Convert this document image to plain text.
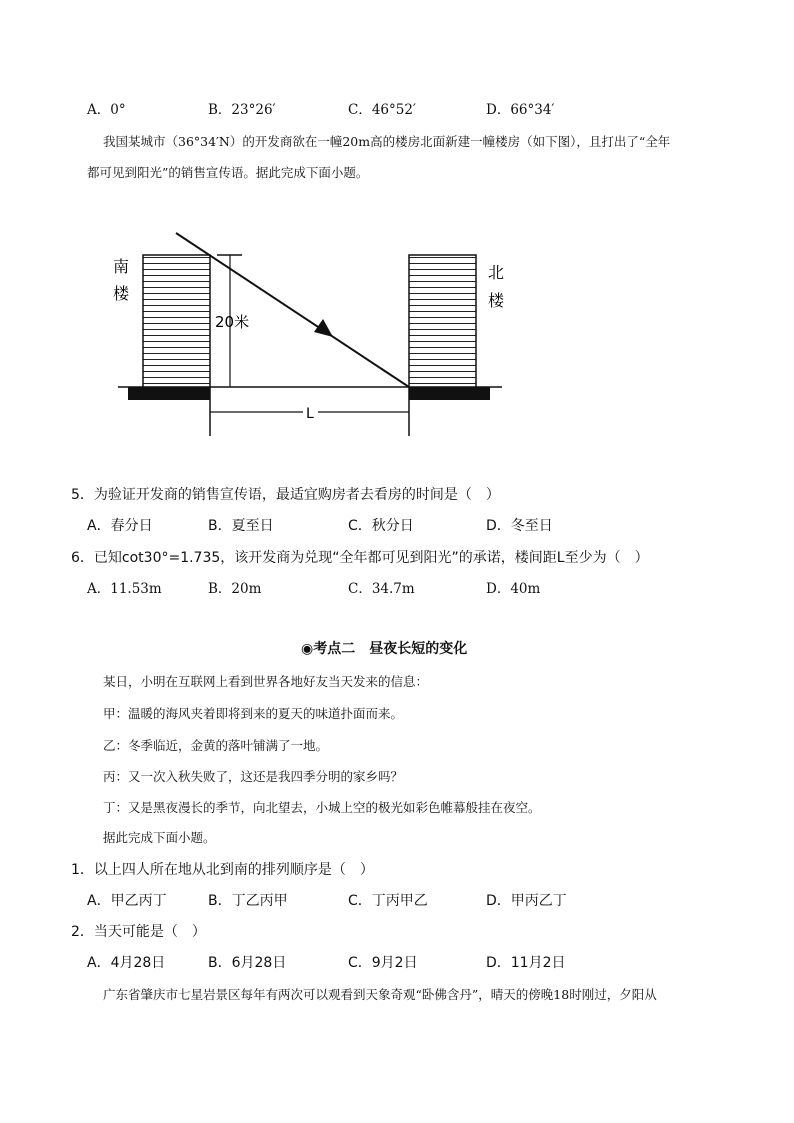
A．0°	B．23°26′	C．46°52′	D．66°34′
我国某城市（36°34′N）的开发商欲在一幢20m高的楼房北面新建一幢楼房（如下图），且打出了“全年
都可见到阳光”的销售宣传语。据此完成下面小题。
南
楼
北
楼
20米
L
5．为验证开发商的销售宣传语，最适宜购房者去看房的时间是（　）
A．春分日	B．夏至日	C．秋分日	D．冬至日
6．已知cot30°=1.735，该开发商为兑现“全年都可见到阳光”的承诺，楼间距L至少为（　）
A．11.53m	B．20m	C．34.7m	D．40m
◉考点二　昼夜长短的变化
某日，小明在互联网上看到世界各地好友当天发来的信息：
甲：温暖的海风夹着即将到来的夏天的味道扑面而来。
乙：冬季临近，金黄的落叶铺满了一地。
丙：又一次入秋失败了，这还是我四季分明的家乡吗？
丁：又是黑夜漫长的季节，向北望去，小城上空的极光如彩色帷幕般挂在夜空。
据此完成下面小题。
1．以上四人所在地从北到南的排列顺序是（　）
A．甲乙丙丁	B．丁乙丙甲	C．丁丙甲乙	D．甲丙乙丁
2．当天可能是（　）
A．4月28日	B．6月28日	C．9月2日	D．11月2日
广东省肇庆市七星岩景区每年有两次可以观看到天象奇观“卧佛含丹”，晴天的傍晚18时刚过，夕阳从
